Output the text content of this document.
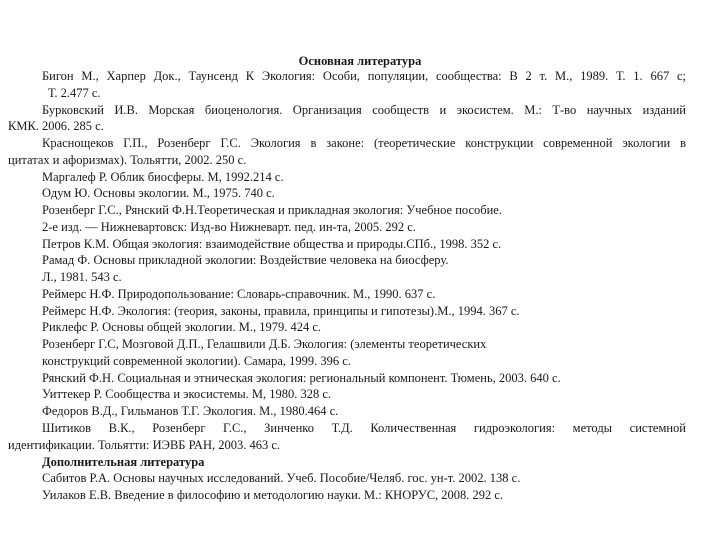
Основная литература
Бигон М., Харпер Док., Таунсенд К Экология: Особи, популяции, сообщества: В 2 т. М., 1989. Т. 1. 667 с;
Т. 2.477 с.
Бурковский И.В. Морская биоценология. Организация сообществ и экосистем. М.: Т-во научных изданий
КМК. 2006. 285 с.
Краснощеков Г.П., Розенберг Г.С. Экология в законе: (теоретические конструкции современной экологии в
цитатах и афоризмах). Тольятти, 2002. 250 с.
Маргалеф Р. Облик биосферы. М, 1992.214 с.
Одум Ю. Основы экологии. М., 1975. 740 с.
Розенберг Г.С., Рянский Ф.Н.Теоретическая и прикладная экология: Учебное пособие.
2-е изд. — Нижневартовск: Изд-во Нижневарт. пед. ин-та, 2005. 292 с.
Петров К.М. Общая экология: взаимодействие общества и природы.СПб., 1998. 352 с.
Рамад Ф. Основы прикладной экологии: Воздействие человека на биосферу.
Л., 1981. 543 с.
Реймерс Н.Ф. Природопользование: Словарь-справочник. М., 1990. 637 с.
Реймерс Н.Ф. Экология: (теория, законы, правила, принципы и гипотезы).М., 1994. 367 с.
Риклефс Р. Основы общей экологии. М., 1979. 424 с.
Розенберг Г.С, Мозговой Д.П., Гелашвили Д.Б. Экология: (элементы теоретических
конструкций современной экологии). Самара, 1999. 396 с.
Рянский Ф.Н. Социальная и этническая экология: региональный компонент. Тюмень, 2003. 640 с.
Уиттекер Р. Сообщества и экосистемы. М, 1980. 328 с.
Федоров В.Д., Гильманов Т.Г. Экология. М., 1980.464 с.
Шитиков В.К., Розенберг Г.С., Зинченко Т.Д. Количественная гидроэкология: методы системной
идентификации. Тольятти: ИЭВБ РАН, 2003. 463 с.
Дополнительная литература
Сабитов Р.А. Основы научных исследований. Учеб. Пособие/Челяб. гос. ун-т. 2002. 138 с.
Уилаков Е.В. Введение в философию и методологию науки. М.: КНОРУС, 2008. 292 с.
